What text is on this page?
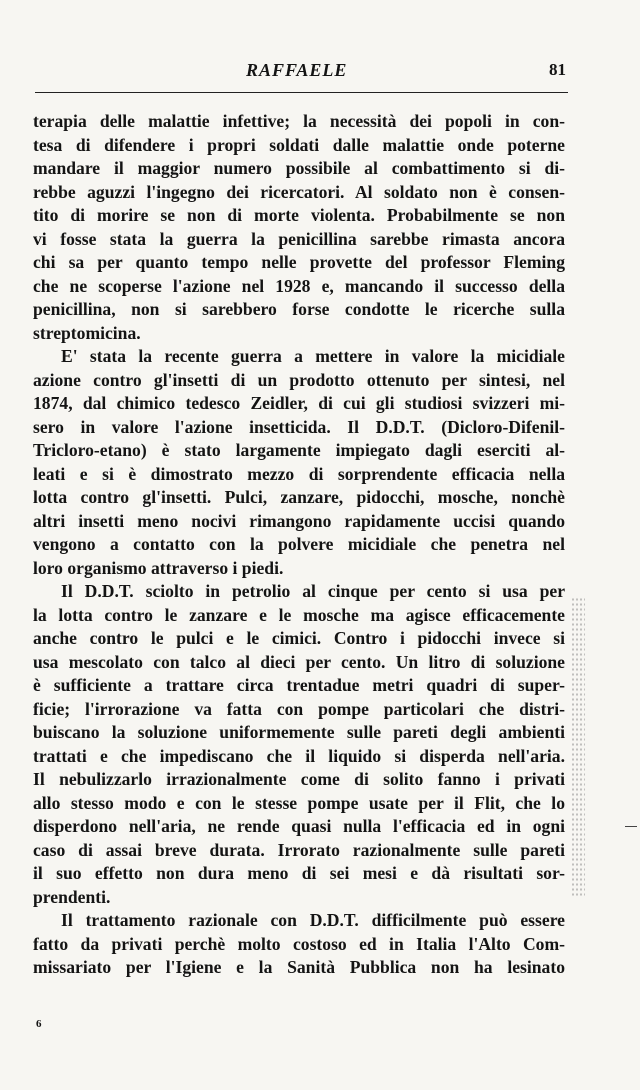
RAFFAELE	81
terapia delle malattie infettive; la necessità dei popoli in con-
tesa di difendere i propri soldati dalle malattie onde poterne
mandare il maggior numero possibile al combattimento si di-
rebbe aguzzi l'ingegno dei ricercatori. Al soldato non è consen-
tito di morire se non di morte violenta. Probabilmente se non
vi fosse stata la guerra la penicillina sarebbe rimasta ancora
chi sa per quanto tempo nelle provette del professor Fleming
che ne scoperse l'azione nel 1928 e, mancando il successo della
penicillina, non si sarebbero forse condotte le ricerche sulla
streptomicina.
E' stata la recente guerra a mettere in valore la micidiale
azione contro gl'insetti di un prodotto ottenuto per sintesi, nel
1874, dal chimico tedesco Zeidler, di cui gli studiosi svizzeri mi-
sero in valore l'azione insetticida. Il D.D.T. (Dicloro-Difenil-
Tricloro-etano) è stato largamente impiegato dagli eserciti al-
leati e si è dimostrato mezzo di sorprendente efficacia nella
lotta contro gl'insetti. Pulci, zanzare, pidocchi, mosche, nonchè
altri insetti meno nocivi rimangono rapidamente uccisi quando
vengono a contatto con la polvere micidiale che penetra nel
loro organismo attraverso i piedi.
Il D.D.T. sciolto in petrolio al cinque per cento si usa per
la lotta contro le zanzare e le mosche ma agisce efficacemente
anche contro le pulci e le cimici. Contro i pidocchi invece si
usa mescolato con talco al dieci per cento. Un litro di soluzione
è sufficiente a trattare circa trentadue metri quadri di super-
ficie; l'irrorazione va fatta con pompe particolari che distri-
buiscano la soluzione uniformemente sulle pareti degli ambienti
trattati e che impediscano che il liquido si disperda nell'aria.
Il nebulizzarlo irrazionalmente come di solito fanno i privati
allo stesso modo e con le stesse pompe usate per il Flit, che lo
disperdono nell'aria, ne rende quasi nulla l'efficacia ed in ogni
caso di assai breve durata. Irrorato razionalmente sulle pareti
il suo effetto non dura meno di sei mesi e dà risultati sor-
prendenti.
Il trattamento razionale con D.D.T. difficilmente può essere
fatto da privati perchè molto costoso ed in Italia l'Alto Com-
missariato per l'Igiene e la Sanità Pubblica non ha lesinato
6
